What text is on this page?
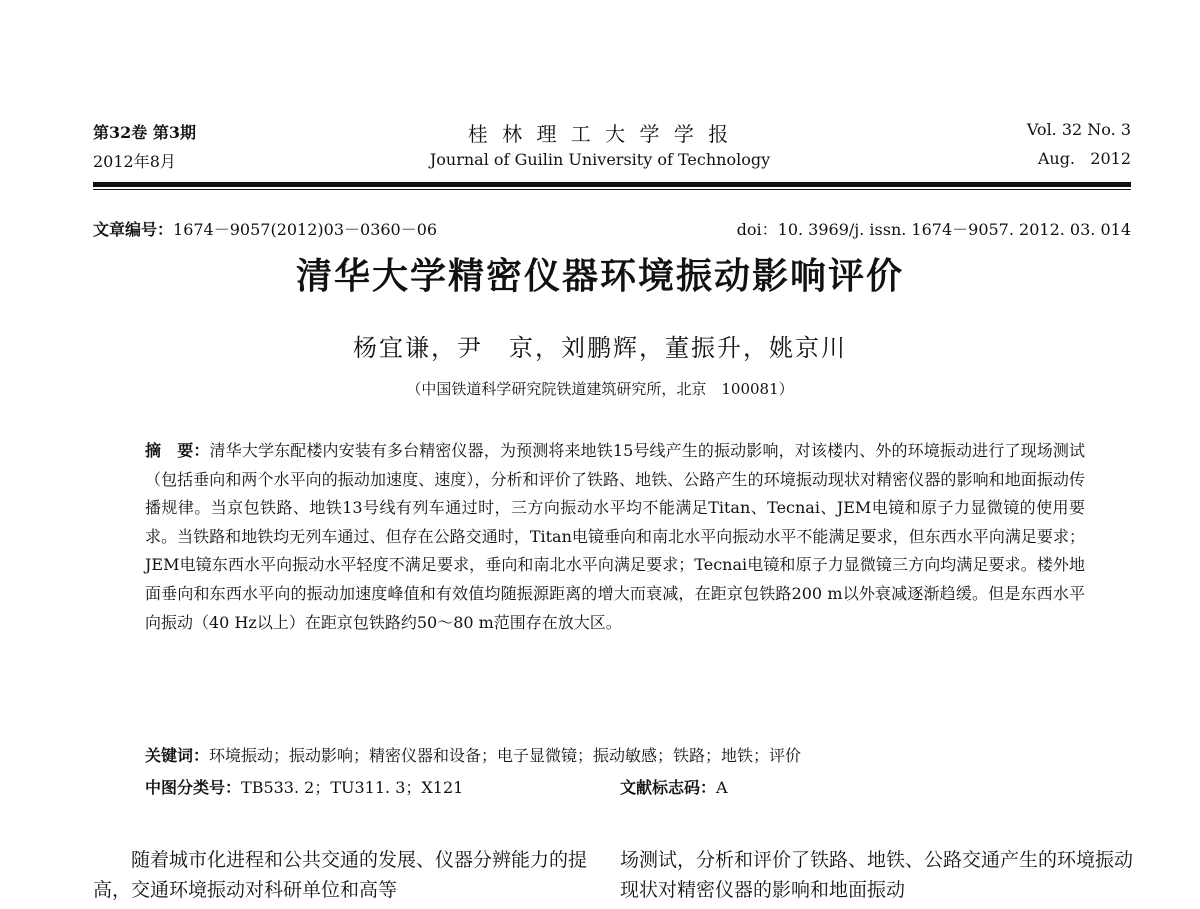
第32卷 第3期
2012年8月
桂 林 理 工 大 学 学 报
Journal of Guilin University of Technology
Vol. 32 No. 3
Aug.   2012
文章编号：1674－9057(2012)03－0360－06	doi：10. 3969/j. issn. 1674－9057. 2012. 03. 014
清华大学精密仪器环境振动影响评价
杨宜谦，尹　京，刘鹏辉，董振升，姚京川
（中国铁道科学研究院铁道建筑研究所，北京　100081）
摘　要：清华大学东配楼内安装有多台精密仪器，为预测将来地铁15号线产生的振动影响，对该楼内、外的环境振动进行了现场测试（包括垂向和两个水平向的振动加速度、速度），分析和评价了铁路、地铁、公路产生的环境振动现状对精密仪器的影响和地面振动传播规律。当京包铁路、地铁13号线有列车通过时，三方向振动水平均不能满足Titan、Tecnai、JEM电镜和原子力显微镜的使用要求。当铁路和地铁均无列车通过、但存在公路交通时，Titan电镜垂向和南北水平向振动水平不能满足要求，但东西水平向满足要求；JEM电镜东西水平向振动水平轻度不满足要求，垂向和南北水平向满足要求；Tecnai电镜和原子力显微镜三方向均满足要求。楼外地面垂向和东西水平向的振动加速度峰值和有效值均随振源距离的增大而衰减，在距京包铁路200 m以外衰减逐渐趋缓。但是东西水平向振动（40 Hz以上）在距京包铁路约50～80 m范围存在放大区。
关键词：环境振动；振动影响；精密仪器和设备；电子显微镜；振动敏感；铁路；地铁；评价
中图分类号：TB533. 2；TU311. 3；X121	文献标志码：A
　　随着城市化进程和公共交通的发展、仪器分辨能力的提高，交通环境振动对科研单位和高等
场测试，分析和评价了铁路、地铁、公路交通产生的环境振动现状对精密仪器的影响和地面振动
